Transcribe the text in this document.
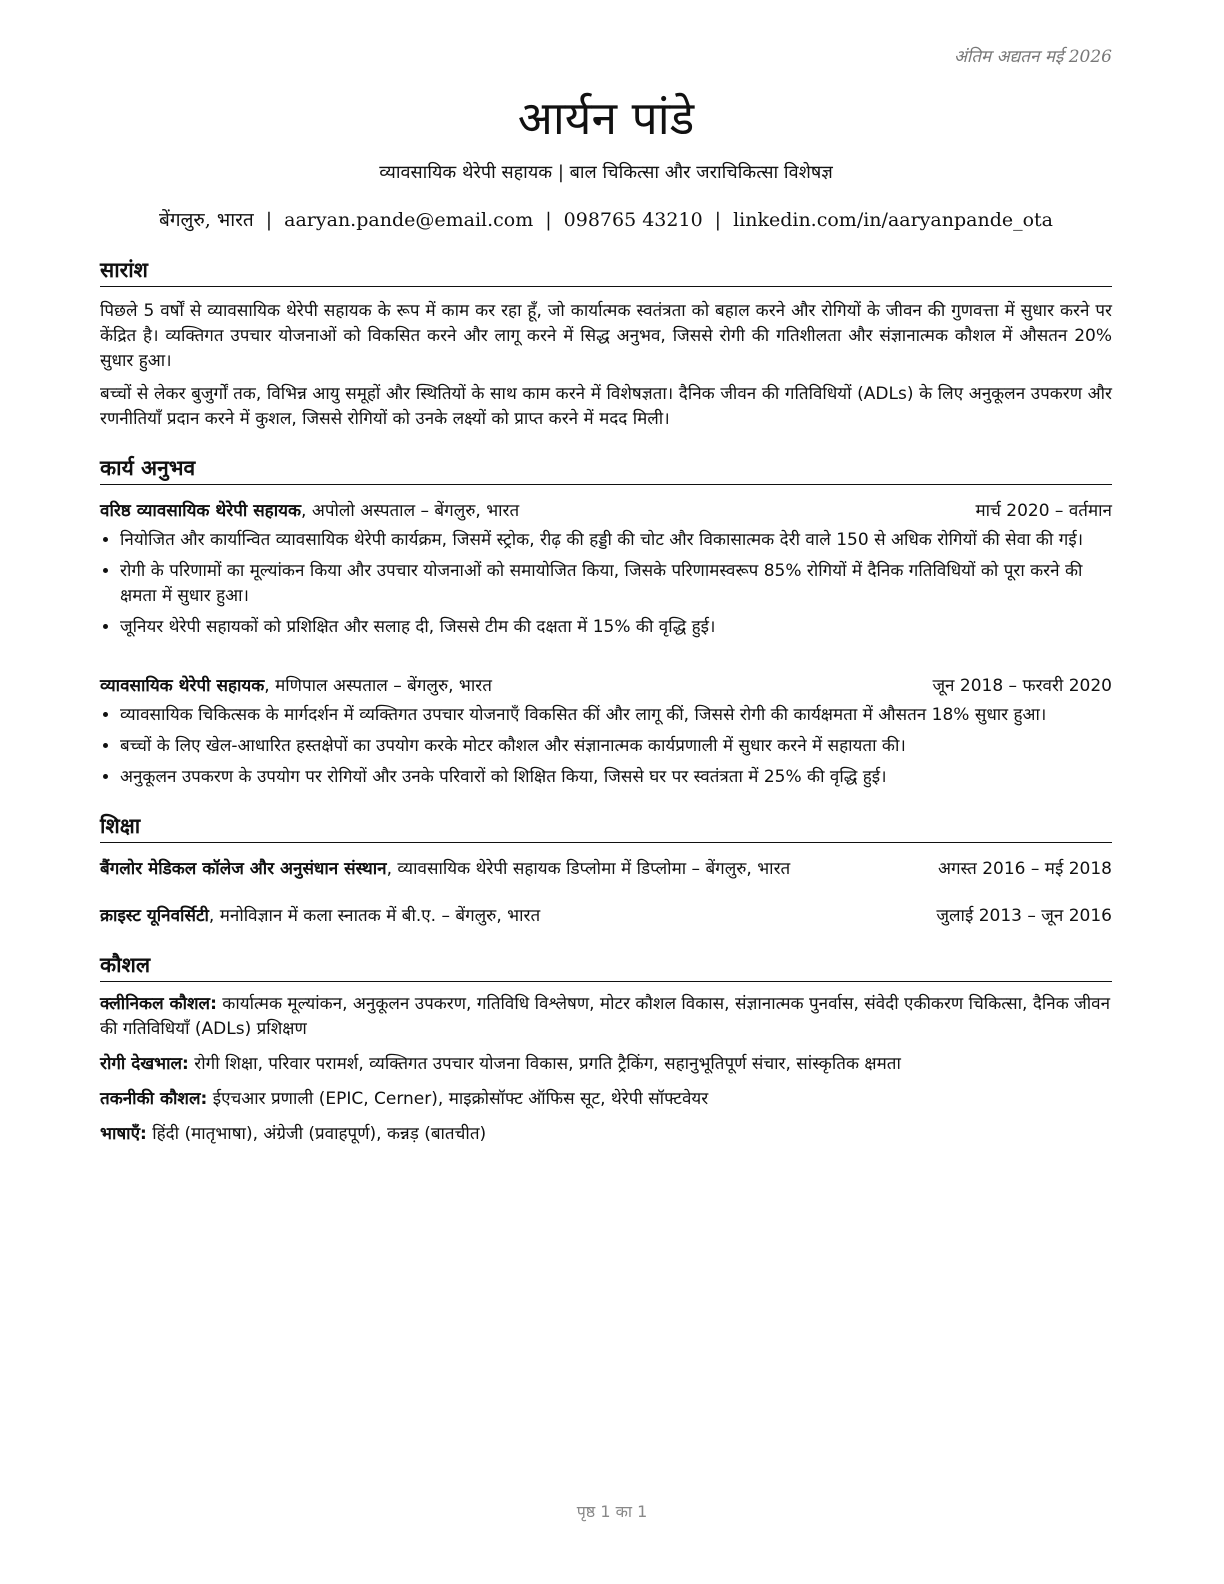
अंतिम अद्यतन मई 2026
आर्यन पांडे
व्यावसायिक थेरेपी सहायक | बाल चिकित्सा और जराचिकित्सा विशेषज्ञ
बेंगलुरु, भारत | aaryan.pande@email.com | 098765 43210 | linkedin.com/in/aaryanpande_ota
सारांश
पिछले 5 वर्षों से व्यावसायिक थेरेपी सहायक के रूप में काम कर रहा हूँ, जो कार्यात्मक स्वतंत्रता को बहाल करने और रोगियों के जीवन की गुणवत्ता में सुधार करने पर केंद्रित है। व्यक्तिगत उपचार योजनाओं को विकसित करने और लागू करने में सिद्ध अनुभव, जिससे रोगी की गतिशीलता और संज्ञानात्मक कौशल में औसतन 20% सुधार हुआ।
बच्चों से लेकर बुजुर्गों तक, विभिन्न आयु समूहों और स्थितियों के साथ काम करने में विशेषज्ञता। दैनिक जीवन की गतिविधियों (ADLs) के लिए अनुकूलन उपकरण और रणनीतियाँ प्रदान करने में कुशल, जिससे रोगियों को उनके लक्ष्यों को प्राप्त करने में मदद मिली।
कार्य अनुभव
वरिष्ठ व्यावसायिक थेरेपी सहायक, अपोलो अस्पताल – बेंगलुरु, भारत	मार्च 2020 – वर्तमान
• नियोजित और कार्यान्वित व्यावसायिक थेरेपी कार्यक्रम, जिसमें स्ट्रोक, रीढ़ की हड्डी की चोट और विकासात्मक देरी वाले 150 से अधिक रोगियों की सेवा की गई।
• रोगी के परिणामों का मूल्यांकन किया और उपचार योजनाओं को समायोजित किया, जिसके परिणामस्वरूप 85% रोगियों में दैनिक गतिविधियों को पूरा करने की क्षमता में सुधार हुआ।
• जूनियर थेरेपी सहायकों को प्रशिक्षित और सलाह दी, जिससे टीम की दक्षता में 15% की वृद्धि हुई।
व्यावसायिक थेरेपी सहायक, मणिपाल अस्पताल – बेंगलुरु, भारत	जून 2018 – फरवरी 2020
• व्यावसायिक चिकित्सक के मार्गदर्शन में व्यक्तिगत उपचार योजनाएँ विकसित कीं और लागू कीं, जिससे रोगी की कार्यक्षमता में औसतन 18% सुधार हुआ।
• बच्चों के लिए खेल-आधारित हस्तक्षेपों का उपयोग करके मोटर कौशल और संज्ञानात्मक कार्यप्रणाली में सुधार करने में सहायता की।
• अनुकूलन उपकरण के उपयोग पर रोगियों और उनके परिवारों को शिक्षित किया, जिससे घर पर स्वतंत्रता में 25% की वृद्धि हुई।
शिक्षा
बैंगलोर मेडिकल कॉलेज और अनुसंधान संस्थान, व्यावसायिक थेरेपी सहायक डिप्लोमा में डिप्लोमा – बेंगलुरु, भारत	अगस्त 2016 – मई 2018
क्राइस्ट यूनिवर्सिटी, मनोविज्ञान में कला स्नातक में बी.ए. – बेंगलुरु, भारत	जुलाई 2013 – जून 2016
कौशल
क्लीनिकल कौशल: कार्यात्मक मूल्यांकन, अनुकूलन उपकरण, गतिविधि विश्लेषण, मोटर कौशल विकास, संज्ञानात्मक पुनर्वास, संवेदी एकीकरण चिकित्सा, दैनिक जीवन की गतिविधियाँ (ADLs) प्रशिक्षण
रोगी देखभाल: रोगी शिक्षा, परिवार परामर्श, व्यक्तिगत उपचार योजना विकास, प्रगति ट्रैकिंग, सहानुभूतिपूर्ण संचार, सांस्कृतिक क्षमता
तकनीकी कौशल: ईएचआर प्रणाली (EPIC, Cerner), माइक्रोसॉफ्ट ऑफिस सूट, थेरेपी सॉफ्टवेयर
भाषाएँ: हिंदी (मातृभाषा), अंग्रेजी (प्रवाहपूर्ण), कन्नड़ (बातचीत)
पृष्ठ 1 का 1
